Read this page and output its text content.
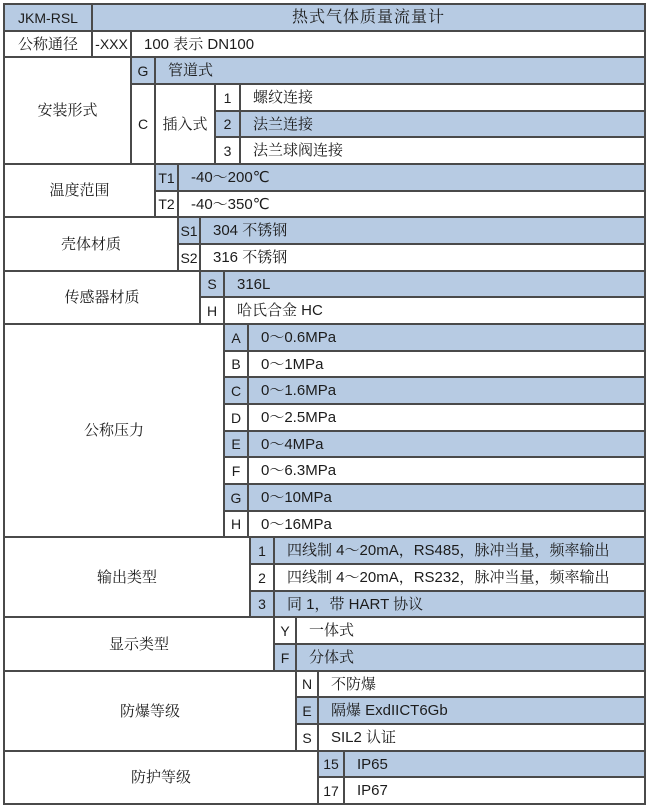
JKM-RSL	热式气体质量流量计
公称通径	-XXX	100 表示 DN100
安装形式
G	管道式
C 插入式
1	螺纹连接
2	法兰连接
3	法兰球阀连接
温度范围
T1	-40～200℃
T2	-40～350℃
壳体材质
S1	304 不锈钢
S2	316 不锈钢
传感器材质
S	316L
H	哈氏合金 HC
公称压力
A	0～0.6MPa
B	0～1MPa
C	0～1.6MPa
D	0～2.5MPa
E	0～4MPa
F	0～6.3MPa
G	0～10MPa
H	0～16MPa
输出类型
1	四线制 4～20mA，RS485，脉冲当量，频率输出
2	四线制 4～20mA，RS232，脉冲当量，频率输出
3	同 1，带 HART 协议
显示类型
Y	一体式
F	分体式
防爆等级
N	不防爆
E	隔爆 ExdIICT6Gb
S	SIL2 认证
防护等级
15	IP65
17	IP67
